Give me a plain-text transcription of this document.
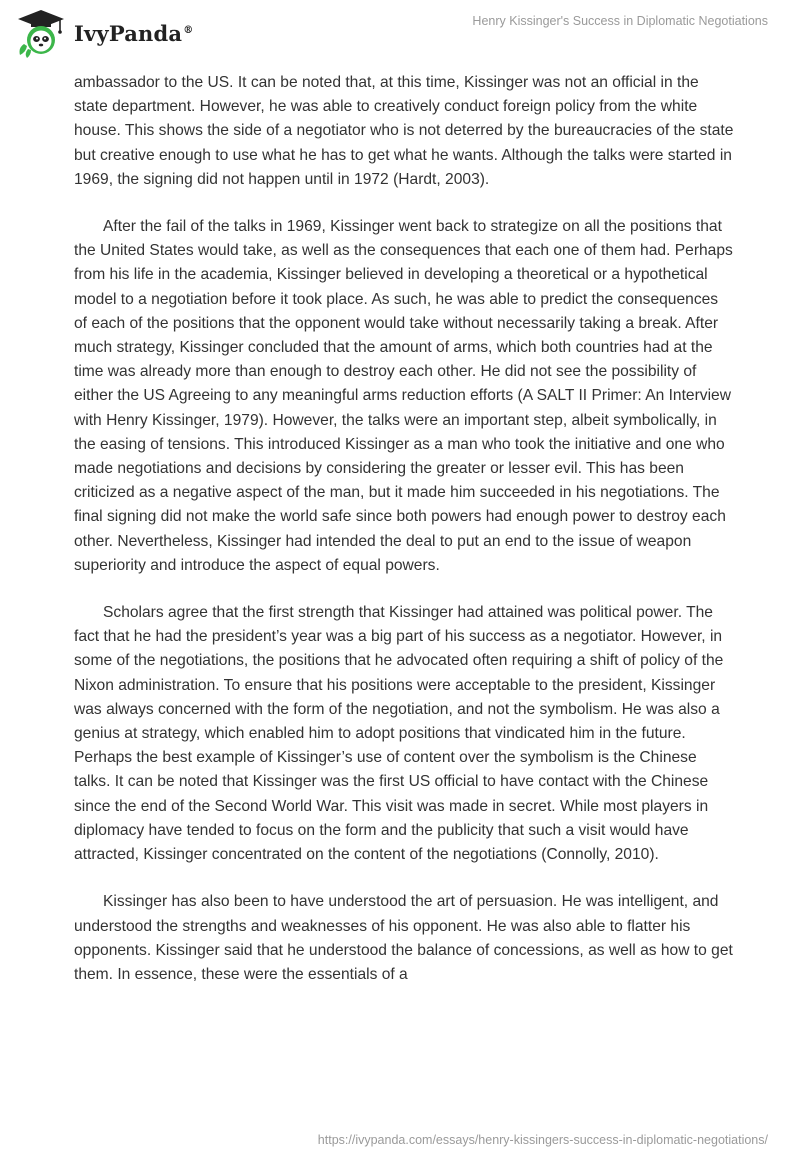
IvyPanda®
Henry Kissinger's Success in Diplomatic Negotiations

ambassador to the US. It can be noted that, at this time, Kissinger was not an official in the state department. However, he was able to creatively conduct foreign policy from the white house. This shows the side of a negotiator who is not deterred by the bureaucracies of the state but creative enough to use what he has to get what he wants. Although the talks were started in 1969, the signing did not happen until in 1972 (Hardt, 2003).

After the fail of the talks in 1969, Kissinger went back to strategize on all the positions that the United States would take, as well as the consequences that each one of them had. Perhaps from his life in the academia, Kissinger believed in developing a theoretical or a hypothetical model to a negotiation before it took place. As such, he was able to predict the consequences of each of the positions that the opponent would take without necessarily taking a break. After much strategy, Kissinger concluded that the amount of arms, which both countries had at the time was already more than enough to destroy each other. He did not see the possibility of either the US Agreeing to any meaningful arms reduction efforts (A SALT II Primer: An Interview with Henry Kissinger, 1979). However, the talks were an important step, albeit symbolically, in the easing of tensions. This introduced Kissinger as a man who took the initiative and one who made negotiations and decisions by considering the greater or lesser evil. This has been criticized as a negative aspect of the man, but it made him succeeded in his negotiations. The final signing did not make the world safe since both powers had enough power to destroy each other. Nevertheless, Kissinger had intended the deal to put an end to the issue of weapon superiority and introduce the aspect of equal powers.

Scholars agree that the first strength that Kissinger had attained was political power. The fact that he had the president’s year was a big part of his success as a negotiator. However, in some of the negotiations, the positions that he advocated often requiring a shift of policy of the Nixon administration. To ensure that his positions were acceptable to the president, Kissinger was always concerned with the form of the negotiation, and not the symbolism. He was also a genius at strategy, which enabled him to adopt positions that vindicated him in the future. Perhaps the best example of Kissinger’s use of content over the symbolism is the Chinese talks. It can be noted that Kissinger was the first US official to have contact with the Chinese since the end of the Second World War. This visit was made in secret. While most players in diplomacy have tended to focus on the form and the publicity that such a visit would have attracted, Kissinger concentrated on the content of the negotiations (Connolly, 2010).

Kissinger has also been to have understood the art of persuasion. He was intelligent, and understood the strengths and weaknesses of his opponent. He was also able to flatter his opponents. Kissinger said that he understood the balance of concessions, as well as how to get them. In essence, these were the essentials of a

https://ivypanda.com/essays/henry-kissingers-success-in-diplomatic-negotiations/
